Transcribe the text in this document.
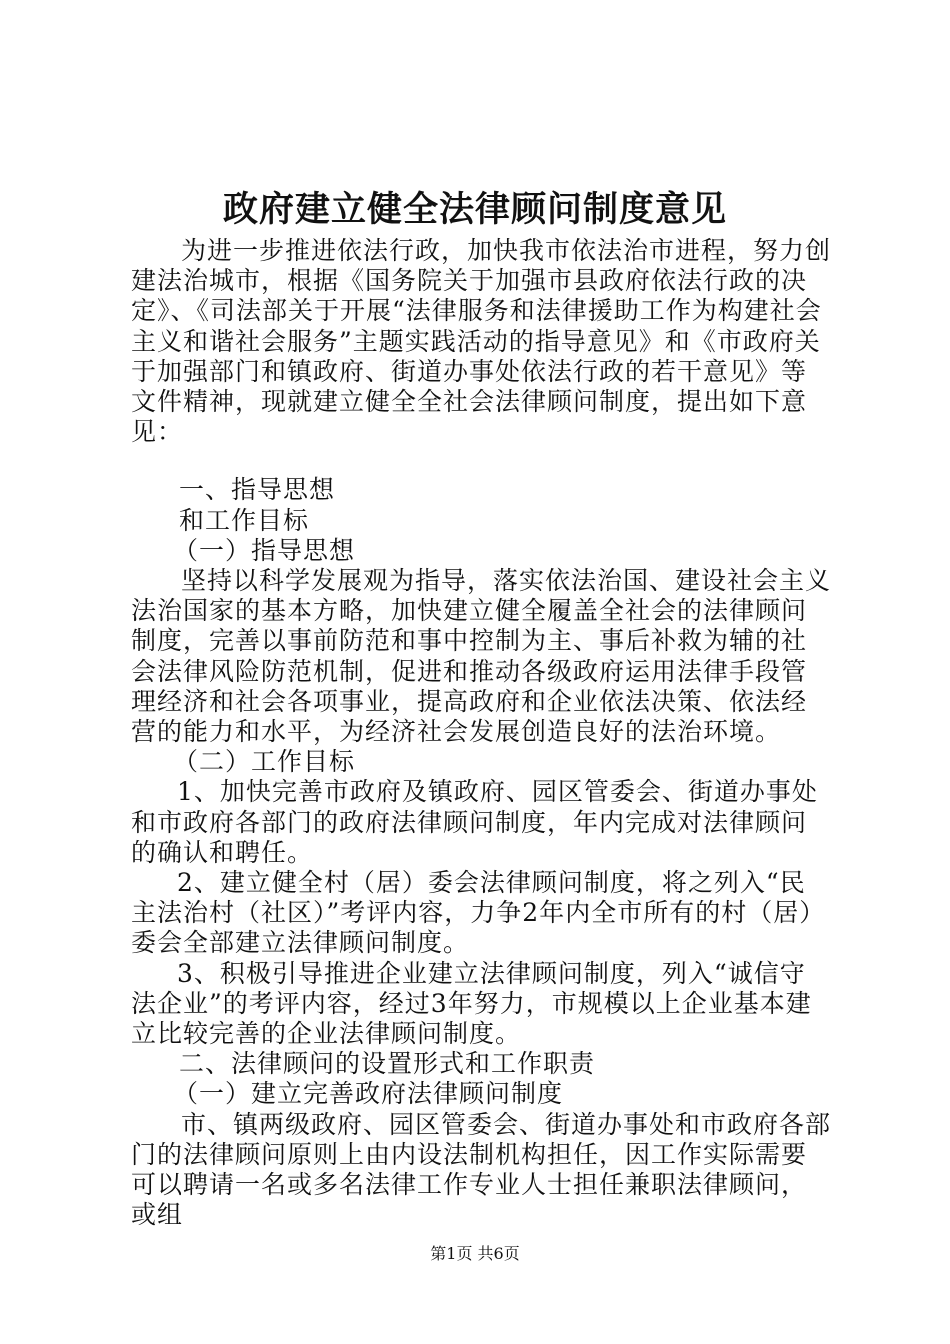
政府建立健全法律顾问制度意见

为进一步推进依法行政，加快我市依法治市进程，努力创建法治城市，根据《国务院关于加强市县政府依法行政的决定》、《司法部关于开展“法律服务和法律援助工作为构建社会主义和谐社会服务”主题实践活动的指导意见》和《市政府关于加强部门和镇政府、街道办事处依法行政的若干意见》等文件精神，现就建立健全全社会法律顾问制度，提出如下意见：

一、指导思想

和工作目标

（一）指导思想

坚持以科学发展观为指导，落实依法治国、建设社会主义法治国家的基本方略，加快建立健全履盖全社会的法律顾问制度，完善以事前防范和事中控制为主、事后补救为辅的社会法律风险防范机制，促进和推动各级政府运用法律手段管理经济和社会各项事业，提高政府和企业依法决策、依法经营的能力和水平，为经济社会发展创造良好的法治环境。

（二）工作目标

1、加快完善市政府及镇政府、园区管委会、街道办事处和市政府各部门的政府法律顾问制度，年内完成对法律顾问的确认和聘任。

2、建立健全村（居）委会法律顾问制度，将之列入“民主法治村（社区）”考评内容，力争2年内全市所有的村（居）委会全部建立法律顾问制度。

3、积极引导推进企业建立法律顾问制度，列入“诚信守法企业”的考评内容，经过3年努力，市规模以上企业基本建立比较完善的企业法律顾问制度。

二、法律顾问的设置形式和工作职责

（一）建立完善政府法律顾问制度

市、镇两级政府、园区管委会、街道办事处和市政府各部门的法律顾问原则上由内设法制机构担任，因工作实际需要可以聘请一名或多名法律工作专业人士担任兼职法律顾问，或组

第1页 共6页
